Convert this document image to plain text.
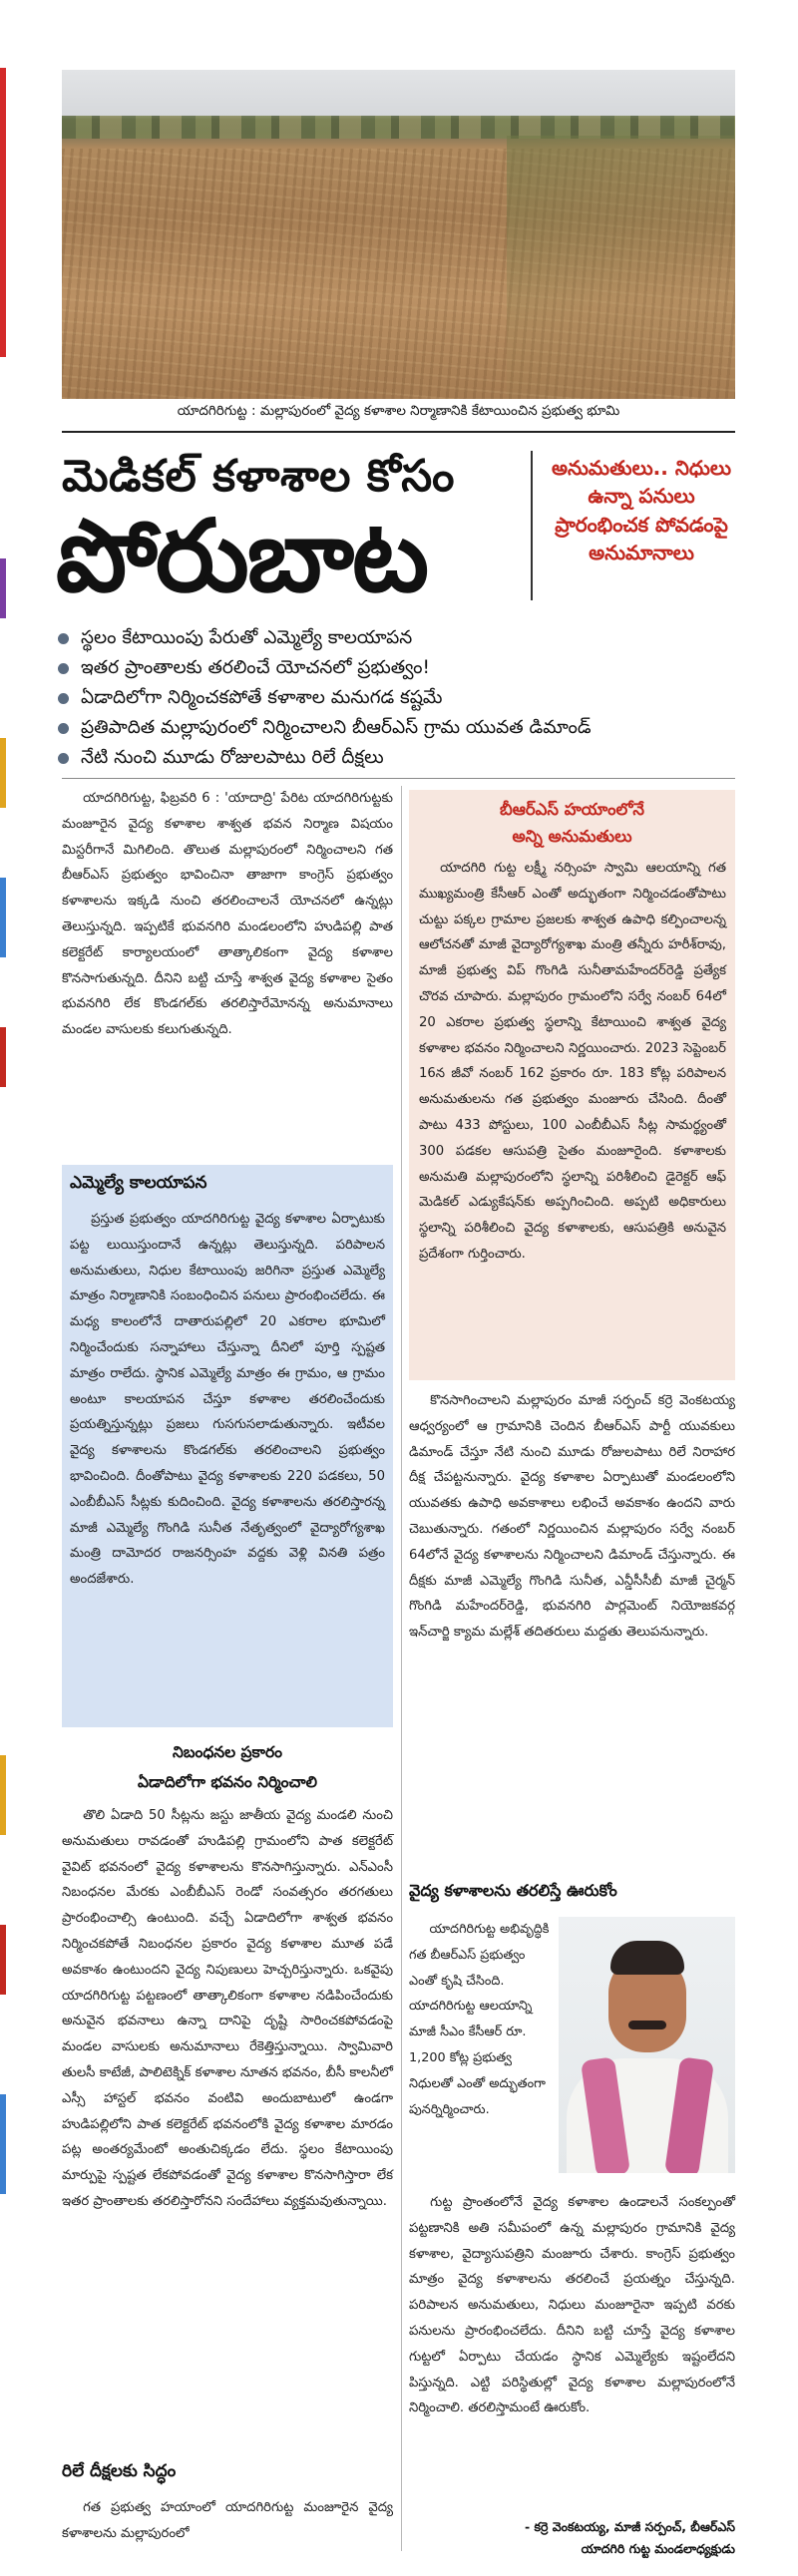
యాదగిరిగుట్ట : మల్లాపురంలో వైద్య కళాశాల నిర్మాణానికి కేటాయించిన ప్రభుత్వ భూమి
మెడికల్ కళాశాల కోసం
పోరుబాట
అనుమతులు.. నిధులు ఉన్నా పనులు ప్రారంభించక పోవడంపై అనుమానాలు
స్థలం కేటాయింపు పేరుతో ఎమ్మెల్యే కాలయాపన
ఇతర ప్రాంతాలకు తరలించే యోచనలో ప్రభుత్వం!
ఏడాదిలోగా నిర్మించకపోతే కళాశాల మనుగడ కష్టమే
ప్రతిపాదిత మల్లాపురంలో నిర్మించాలని బీఆర్ఎస్ గ్రామ యువత డిమాండ్
నేటి నుంచి మూడు రోజులపాటు రిలే దీక్షలు

యాదగిరిగుట్ట, ఫిబ్రవరి 6 : 'యాదాద్రి' పేరిట యాదగిరిగుట్టకు మంజూరైన వైద్య కళాశాల శాశ్వత భవన నిర్మాణ విషయం మిస్టరీగానే మిగిలింది. తొలుత మల్లాపురంలో నిర్మించాలని గత బీఆర్ఎస్ ప్రభుత్వం భావించినా తాజాగా కాంగ్రెస్ ప్రభుత్వం కళాశాలను ఇక్కడి నుంచి తరలించాలనే యోచనలో ఉన్నట్లు తెలుస్తున్నది. ఇప్పటికే భువనగిరి మండలంలోని హుడిపల్లి పాత కలెక్టరేట్ కార్యాలయంలో తాత్కాలికంగా వైద్య కళాశాల కొనసాగుతున్నది. దీనిని బట్టి చూస్తే శాశ్వత వైద్య కళాశాల సైతం భువనగిరి లేక కొండగల్‌కు తరలిస్తారేమోనన్న అనుమానాలు మండల వాసులకు కలుగుతున్నది.

ఎమ్మెల్యే కాలయాపన

ప్రస్తుత ప్రభుత్వం యాదగిరిగుట్ట వైద్య కళాశాల ఏర్పాటుకు పట్ట లుయిస్తుందానే ఉన్నట్లు తెలుస్తున్నది. పరిపాలన అనుమతులు, నిధుల కేటాయింపు జరిగినా ప్రస్తుత ఎమ్మెల్యే మాత్రం నిర్మాణానికి సంబంధించిన పనులు ప్రారంభించలేదు. ఈ మధ్య కాలంలోనే దాతారుపల్లిలో 20 ఎకరాల భూమిలో నిర్మించేందుకు సన్నాహాలు చేస్తున్నా దీనిలో పూర్తి స్పష్టత మాత్రం రాలేదు. స్థానిక ఎమ్మెల్యే మాత్రం ఈ గ్రామం, ఆ గ్రామం అంటూ కాలయాపన చేస్తూ కళాశాల తరలించేందుకు ప్రయత్నిస్తున్నట్లు ప్రజలు గుసగుసలాడుతున్నారు. ఇటీవల వైద్య కళాశాలను కొండగల్‌కు తరలించాలని ప్రభుత్వం భావించింది. దీంతోపాటు వైద్య కళాశాలకు 220 పడకలు, 50 ఎంబీబీఎస్ సీట్లకు కుదించింది. వైద్య కళాశాలను తరలిస్తారన్న మాజీ ఎమ్మెల్యే గొంగిడి సునీత నేతృత్వంలో వైద్యారోగ్యశాఖ మంత్రి దామోదర రాజనర్సింహ వద్దకు వెళ్లి వినతి పత్రం అందజేశారు.

నిబంధనల ప్రకారం
ఏడాదిలోగా భవనం నిర్మించాలి

తొలి ఏడాది 50 సీట్లను జస్టు జాతీయ వైద్య మండలి నుంచి అనుమతులు రావడంతో హుడిపల్లి గ్రామంలోని పాత కలెక్టరేట్ వైవిట్ భవనంలో వైద్య కళాశాలను కొనసాగిస్తున్నారు. ఎన్ఎంసీ నిబంధనల మేరకు ఎంబీబీఎస్ రెండో సంవత్సరం తరగతులు ప్రారంభించాల్సి ఉంటుంది. వచ్చే ఏడాదిలోగా శాశ్వత భవనం నిర్మించకపోతే నిబంధనల ప్రకారం వైద్య కళాశాల మూత పడే అవకాశం ఉంటుందని వైద్య నిపుణులు హెచ్చరిస్తున్నారు. ఒకవైపు యాదగిరిగుట్ట పట్టణంలో తాత్కాలికంగా కళాశాల నడిపించేందుకు అనువైన భవనాలు ఉన్నా దానిపై దృష్టి సారించకపోవడంపై మండల వాసులకు అనుమానాలు రేకెత్తిస్తున్నాయి. స్వామివారి తులసీ కాటేజీ, పాలిటెక్నిక్ కళాశాల నూతన భవనం, బీసీ కాలనీలో ఎస్సీ హాస్టల్ భవనం వంటివి అందుబాటులో ఉండగా హుడిపల్లిలోని పాత కలెక్టరేట్ భవనంలోకి వైద్య కళాశాల మారడం పట్ల అంతర్యమేంటో అంతుచిక్కడం లేదు. స్థలం కేటాయింపు మార్పుపై స్పష్టత లేకపోవడంతో వైద్య కళాశాల కొనసాగిస్తారా లేక ఇతర ప్రాంతాలకు తరలిస్తారోనని సందేహాలు వ్యక్తమవుతున్నాయి.

రిలే దీక్షలకు సిద్ధం

గత ప్రభుత్వ హయాంలో యాదగిరిగుట్ట మంజూరైన వైద్య కళాశాలను మల్లాపురంలో

బీఆర్ఎస్ హయాంలోనే
అన్ని అనుమతులు

యాదగిరి గుట్ట లక్ష్మీ నర్సింహ స్వామి ఆలయాన్ని గత ముఖ్యమంత్రి కేసీఆర్ ఎంతో అద్భుతంగా నిర్మించడంతోపాటు చుట్టు పక్కల గ్రామాల ప్రజలకు శాశ్వత ఉపాధి కల్పించాలన్న ఆలోచనతో మాజీ వైద్యారోగ్యశాఖ మంత్రి తన్నీరు హరీశ్‌రావు, మాజీ ప్రభుత్వ విప్ గొంగిడి సునీతామహేందర్‌రెడ్డి ప్రత్యేక చొరవ చూపారు. మల్లాపురం గ్రామంలోని సర్వే నంబర్ 64లో 20 ఎకరాల ప్రభుత్వ స్థలాన్ని కేటాయించి శాశ్వత వైద్య కళాశాల భవనం నిర్మించాలని నిర్ణయించారు. 2023 సెప్టెంబర్ 16న జీవో నంబర్ 162 ప్రకారం రూ. 183 కోట్ల పరిపాలన అనుమతులను గత ప్రభుత్వం మంజూరు చేసింది. దీంతో పాటు 433 పోస్టులు, 100 ఎంబీబీఎస్ సీట్ల సామర్థ్యంతో 300 పడకల ఆసుపత్రి సైతం మంజూరైంది. కళాశాలకు అనుమతి మల్లాపురంలోని స్థలాన్ని పరిశీలించి డైరెక్టర్ ఆఫ్ మెడికల్ ఎడ్యుకేషన్‌కు అప్పగించింది. అప్పటి అధికారులు స్థలాన్ని పరిశీలించి వైద్య కళాశాలకు, ఆసుపత్రికి అనువైన ప్రదేశంగా గుర్తించారు.

కొనసాగించాలని మల్లాపురం మాజీ సర్పంచ్ కర్రె వెంకటయ్య ఆధ్వర్యంలో ఆ గ్రామానికి చెందిన బీఆర్ఎస్ పార్టీ యువకులు డిమాండ్ చేస్తూ నేటి నుంచి మూడు రోజులపాటు రిలే నిరాహార దీక్ష చేపట్టనున్నారు. వైద్య కళాశాల ఏర్పాటుతో మండలంలోని యువతకు ఉపాధి అవకాశాలు లభించే అవకాశం ఉందని వారు చెబుతున్నారు. గతంలో నిర్ణయించిన మల్లాపురం సర్వే నంబర్ 64లోనే వైద్య కళాశాలను నిర్మించాలని డిమాండ్ చేస్తున్నారు. ఈ దీక్షకు మాజీ ఎమ్మెల్యే గొంగిడి సునీత, ఎన్డీసీసీబీ మాజీ చైర్మన్ గొంగిడి మహేందర్‌రెడ్డి, భువనగిరి పార్లమెంట్ నియోజకవర్గ ఇన్‌చార్జి క్యామ మల్లేశ్ తదితరులు మద్దతు తెలుపనున్నారు.

వైద్య కళాశాలను తరలిస్తే ఊరుకోం

యాదగిరిగుట్ట అభివృద్ధికి గత బీఆర్ఎస్ ప్రభుత్వం ఎంతో కృషి చేసింది. యాదగిరిగుట్ట ఆలయాన్ని మాజీ సీఎం కేసీఆర్ రూ. 1,200 కోట్ల ప్రభుత్వ నిధులతో ఎంతో అద్భుతంగా పునర్నిర్మించారు.

గుట్ట ప్రాంతంలోనే వైద్య కళాశాల ఉండాలనే సంకల్పంతో పట్టణానికి అతి సమీపంలో ఉన్న మల్లాపురం గ్రామానికి వైద్య కళాశాల, వైద్యాసుపత్రిని మంజూరు చేశారు. కాంగ్రెస్ ప్రభుత్వం మాత్రం వైద్య కళాశాలను తరలించే ప్రయత్నం చేస్తున్నది. పరిపాలన అనుమతులు, నిధులు మంజూరైనా ఇప్పటి వరకు పనులను ప్రారంభించలేదు. దీనిని బట్టి చూస్తే వైద్య కళాశాల గుట్టలో ఏర్పాటు చేయడం స్థానిక ఎమ్మెల్యేకు ఇష్టంలేదని పిస్తున్నది. ఎట్టి పరిస్థితుల్లో వైద్య కళాశాల మల్లాపురంలోనే నిర్మించాలి. తరలిస్తామంటే ఊరుకోం.

- కర్రె వెంకటయ్య, మాజీ సర్పంచ్, బీఆర్ఎస్
యాదగిరి గుట్ట మండలాధ్యక్షుడు
